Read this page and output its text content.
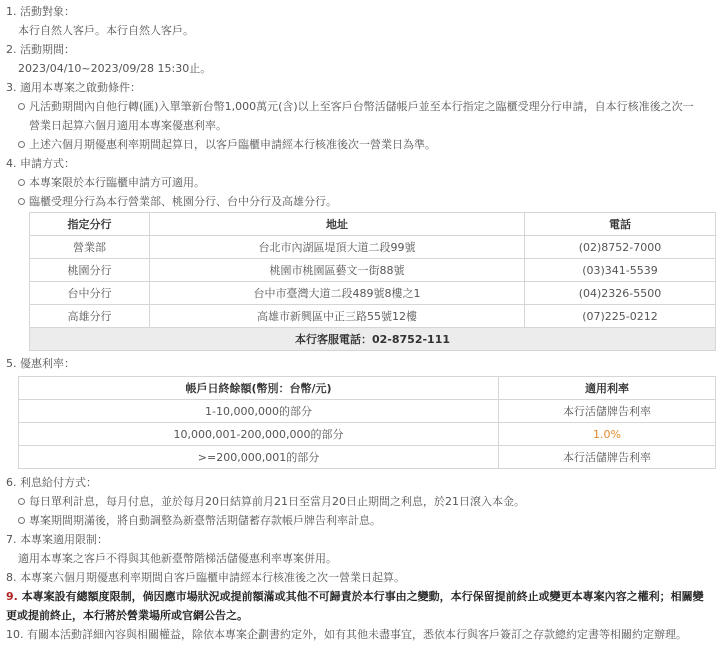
1. 活動對象：
本行自然人客戶。本行自然人客戶。
2. 活動期間：
2023/04/10~2023/09/28 15:30止。
3. 適用本專案之啟動條件：
凡活動期間內自他行轉(匯)入單筆新台幣1,000萬元(含)以上至客戶台幣活儲帳戶並至本行指定之臨櫃受理分行申請，自本行核准後之次一
營業日起算六個月適用本專案優惠利率。
上述六個月期優惠利率期間起算日，以客戶臨櫃申請經本行核准後次一營業日為準。
4. 申請方式：
本專案限於本行臨櫃申請方可適用。
臨櫃受理分行為本行營業部、桃園分行、台中分行及高雄分行。
指定分行	地址	電話
營業部	台北市內湖區堤頂大道二段99號	(02)8752-7000
桃園分行	桃園市桃園區藝文一街88號	(03)341-5539
台中分行	台中市臺灣大道二段489號8樓之1	(04)2326-5500
高雄分行	高雄市新興區中正三路55號12樓	(07)225-0212
本行客服電話：02-8752-111		
5. 優惠利率：
帳戶日終餘額(幣別：台幣/元)	適用利率
1-10,000,000的部分	本行活儲牌告利率
10,000,001-200,000,000的部分	1.0%
>=200,000,001的部分	本行活儲牌告利率
6. 利息給付方式：
每日單利計息，每月付息，並於每月20日結算前月21日至當月20日止期間之利息，於21日滾入本金。
專案期間期滿後，將自動調整為新臺幣活期儲蓄存款帳戶牌告利率計息。
7. 本專案適用限制：
適用本專案之客戶不得與其他新臺幣階梯活儲優惠利率專案併用。
8. 本專案六個月期優惠利率期間自客戶臨櫃申請經本行核准後之次一營業日起算。
9. 本專案設有總額度限制，倘因應市場狀況或提前額滿或其他不可歸責於本行事由之變動，本行保留提前終止或變更本專案內容之權利；相關變
更或提前終止，本行將於營業場所或官網公告之。
10. 有關本活動詳細內容與相關權益，除依本專案企劃書約定外，如有其他未盡事宜，悉依本行與客戶簽訂之存款總約定書等相關約定辦理。
